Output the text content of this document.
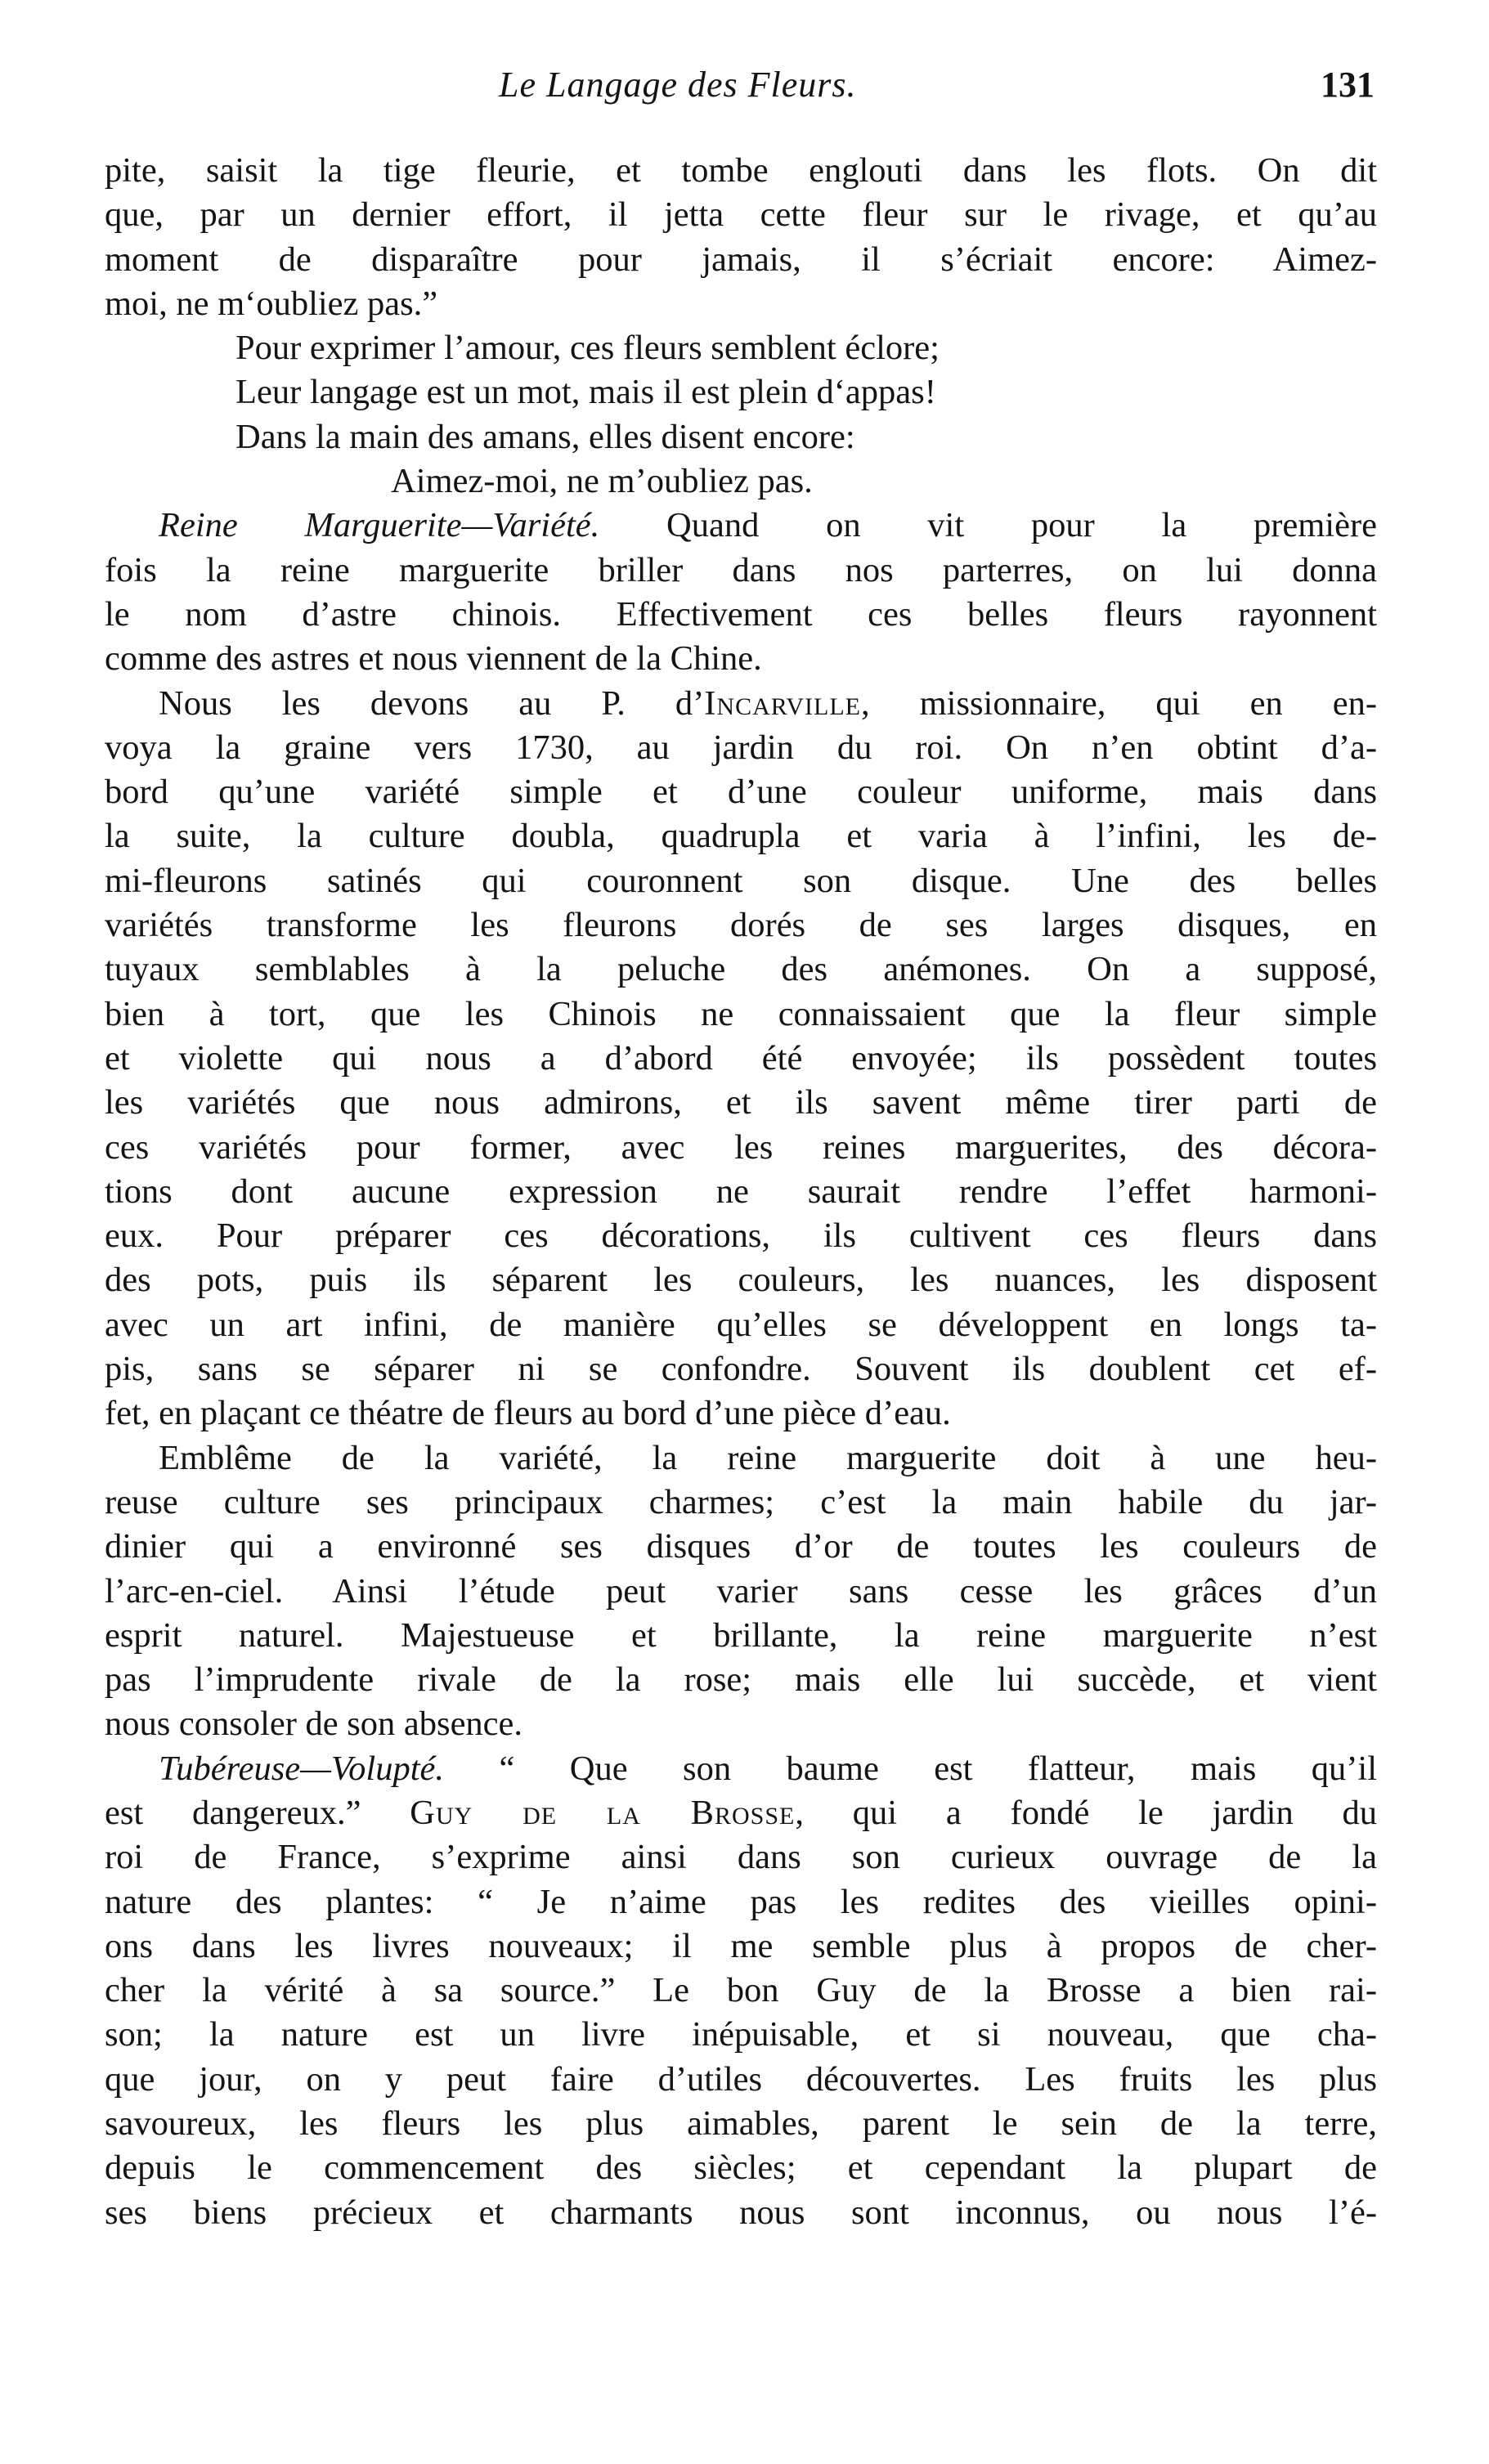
Le Langage des Fleurs.	131
pite, saisit la tige fleurie, et tombe englouti dans les flots. On dit
que, par un dernier effort, il jetta cette fleur sur le rivage, et qu’au
moment de disparaître pour jamais, il s’écriait encore: Aimez-
moi, ne m‘oubliez pas.”
Pour exprimer l’amour, ces fleurs semblent éclore;
Leur langage est un mot, mais il est plein d‘appas!
Dans la main des amans, elles disent encore:
Aimez-moi, ne m’oubliez pas.
Reine Marguerite—Variété. Quand on vit pour la première
fois la reine marguerite briller dans nos parterres, on lui donna
le nom d’astre chinois. Effectivement ces belles fleurs rayonnent
comme des astres et nous viennent de la Chine.
Nous les devons au P. d’Incarville, missionnaire, qui en en-
voya la graine vers 1730, au jardin du roi. On n’en obtint d’a-
bord qu’une variété simple et d’une couleur uniforme, mais dans
la suite, la culture doubla, quadrupla et varia à l’infini, les de-
mi-fleurons satinés qui couronnent son disque. Une des belles
variétés transforme les fleurons dorés de ses larges disques, en
tuyaux semblables à la peluche des anémones. On a supposé,
bien à tort, que les Chinois ne connaissaient que la fleur simple
et violette qui nous a d’abord été envoyée; ils possèdent toutes
les variétés que nous admirons, et ils savent même tirer parti de
ces variétés pour former, avec les reines marguerites, des décora-
tions dont aucune expression ne saurait rendre l’effet harmoni-
eux. Pour préparer ces décorations, ils cultivent ces fleurs dans
des pots, puis ils séparent les couleurs, les nuances, les disposent
avec un art infini, de manière qu’elles se développent en longs ta-
pis, sans se séparer ni se confondre. Souvent ils doublent cet ef-
fet, en plaçant ce théatre de fleurs au bord d’une pièce d’eau.
Emblême de la variété, la reine marguerite doit à une heu-
reuse culture ses principaux charmes; c’est la main habile du jar-
dinier qui a environné ses disques d’or de toutes les couleurs de
l’arc-en-ciel. Ainsi l’étude peut varier sans cesse les grâces d’un
esprit naturel. Majestueuse et brillante, la reine marguerite n’est
pas l’imprudente rivale de la rose; mais elle lui succède, et vient
nous consoler de son absence.
Tubéreuse—Volupté. “ Que son baume est flatteur, mais qu’il
est dangereux.” Guy de la Brosse, qui a fondé le jardin du
roi de France, s’exprime ainsi dans son curieux ouvrage de la
nature des plantes: “ Je n’aime pas les redites des vieilles opini-
ons dans les livres nouveaux; il me semble plus à propos de cher-
cher la vérité à sa source.” Le bon Guy de la Brosse a bien rai-
son; la nature est un livre inépuisable, et si nouveau, que cha-
que jour, on y peut faire d’utiles découvertes. Les fruits les plus
savoureux, les fleurs les plus aimables, parent le sein de la terre,
depuis le commencement des siècles; et cependant la plupart de
ses biens précieux et charmants nous sont inconnus, ou nous l’é-
